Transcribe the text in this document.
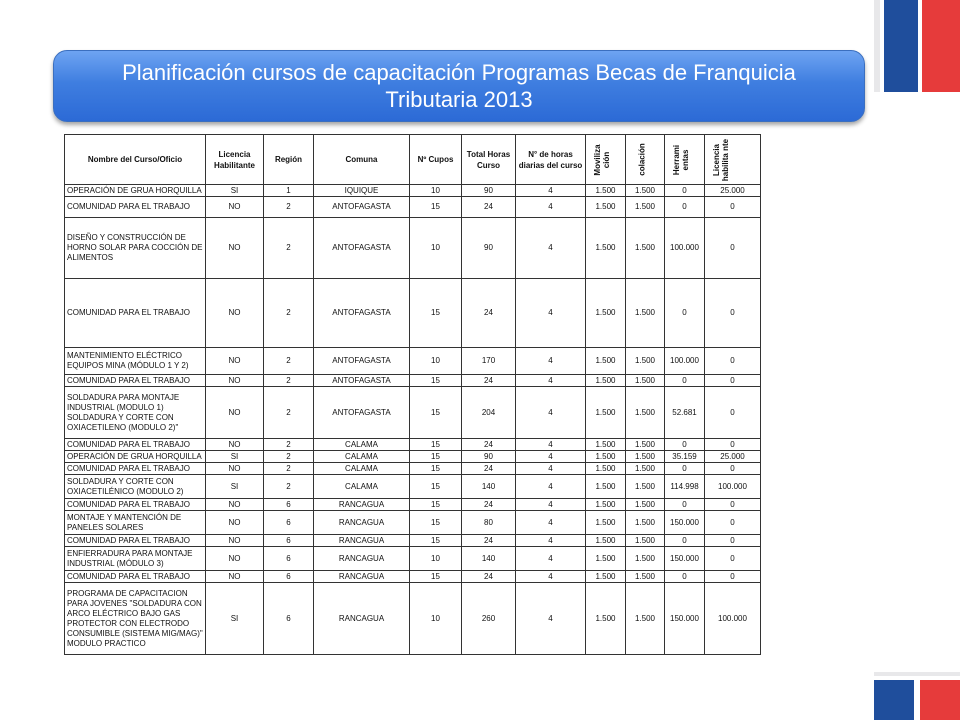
Planificación cursos de capacitación Programas Becas de Franquicia Tributaria 2013
Nombre del Curso/Oficio	Licencia Habilitante	Región	Comuna	Nº Cupos	Total Horas Curso	N° de horas diarias del curso	Moviliza ción	colación	Herrami entas	Licencia habilita nte

OPERACIÓN DE GRUA HORQUILLA	SI	1	IQUIQUE	10	90	4	1.500	1.500	0	25.000
COMUNIDAD PARA EL TRABAJO	NO	2	ANTOFAGASTA	15	24	4	1.500	1.500	0	0
DISEÑO Y CONSTRUCCIÓN DE HORNO SOLAR PARA COCCIÓN DE ALIMENTOS	NO	2	ANTOFAGASTA	10	90	4	1.500	1.500	100.000	0
COMUNIDAD PARA EL TRABAJO	NO	2	ANTOFAGASTA	15	24	4	1.500	1.500	0	0
MANTENIMIENTO ELÉCTRICO EQUIPOS MINA (MÓDULO 1 Y 2)	NO	2	ANTOFAGASTA	10	170	4	1.500	1.500	100.000	0
COMUNIDAD PARA EL TRABAJO	NO	2	ANTOFAGASTA	15	24	4	1.500	1.500	0	0
SOLDADURA PARA MONTAJE INDUSTRIAL (MODULO 1) SOLDADURA Y CORTE CON OXIACETILENO (MODULO 2)"	NO	2	ANTOFAGASTA	15	204	4	1.500	1.500	52.681	0
COMUNIDAD PARA EL TRABAJO	NO	2	CALAMA	15	24	4	1.500	1.500	0	0
OPERACIÓN DE GRUA HORQUILLA	SI	2	CALAMA	15	90	4	1.500	1.500	35.159	25.000
COMUNIDAD PARA EL TRABAJO	NO	2	CALAMA	15	24	4	1.500	1.500	0	0
SOLDADURA Y CORTE CON OXIACETILÉNICO (MODULO 2)	SI	2	CALAMA	15	140	4	1.500	1.500	114.998	100.000
COMUNIDAD PARA EL TRABAJO	NO	6	RANCAGUA	15	24	4	1.500	1.500	0	0
MONTAJE Y MANTENCIÓN DE PANELES SOLARES	NO	6	RANCAGUA	15	80	4	1.500	1.500	150.000	0
COMUNIDAD PARA EL TRABAJO	NO	6	RANCAGUA	15	24	4	1.500	1.500	0	0
ENFIERRADURA PARA MONTAJE INDUSTRIAL (MÓDULO 3)	NO	6	RANCAGUA	10	140	4	1.500	1.500	150.000	0
COMUNIDAD PARA EL TRABAJO	NO	6	RANCAGUA	15	24	4	1.500	1.500	0	0
PROGRAMA DE CAPACITACION PARA JOVENES "SOLDADURA CON ARCO ELÉCTRICO BAJO GAS PROTECTOR CON ELECTRODO CONSUMIBLE (SISTEMA MIG/MAG)" MODULO PRACTICO	SI	6	RANCAGUA	10	260	4	1.500	1.500	150.000	100.000
